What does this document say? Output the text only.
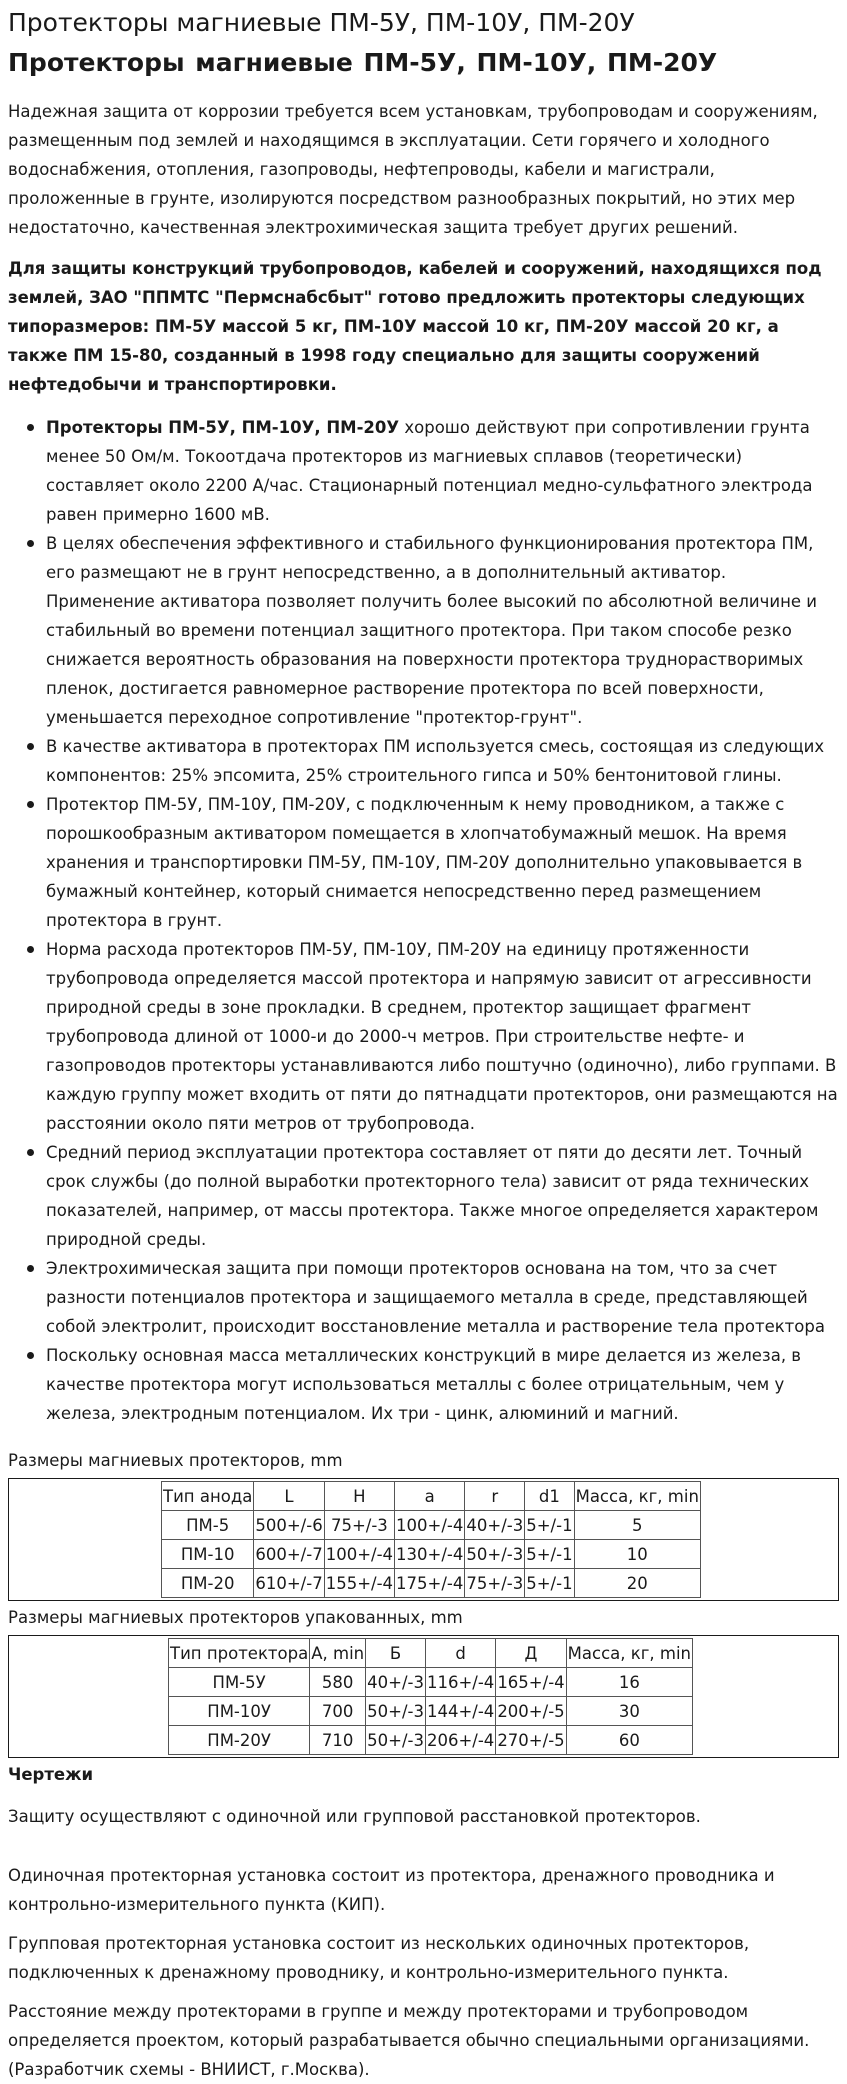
Протекторы магниевые ПМ-5У, ПМ-10У, ПМ-20У
Протекторы магниевые ПМ-5У, ПМ-10У, ПМ-20У

Надежная защита от коррозии требуется всем установкам, трубопроводам и сооружениям, размещенным под землей и находящимся в эксплуатации. Сети горячего и холодного водоснабжения, отопления, газопроводы, нефтепроводы, кабели и магистрали, проложенные в грунте, изолируются посредством разнообразных покрытий, но этих мер недостаточно, качественная электрохимическая защита требует других решений.

Для защиты конструкций трубопроводов, кабелей и сооружений, находящихся под землей, ЗАО "ППМТС "Пермснабсбыт" готово предложить протекторы следующих типоразмеров: ПМ-5У массой 5 кг, ПМ-10У массой 10 кг, ПМ-20У массой 20 кг, а также ПМ 15-80, созданный в 1998 году специально для защиты сооружений нефтедобычи и транспортировки.

Протекторы ПМ-5У, ПМ-10У, ПМ-20У хорошо действуют при сопротивлении грунта менее 50 Ом/м. Токоотдача протекторов из магниевых сплавов (теоретически) составляет около 2200 А/час. Стационарный потенциал медно-сульфатного электрода равен примерно 1600 мВ.
В целях обеспечения эффективного и стабильного функционирования протектора ПМ, его размещают не в грунт непосредственно, а в дополнительный активатор. Применение активатора позволяет получить более высокий по абсолютной величине и стабильный во времени потенциал защитного протектора. При таком способе резко снижается вероятность образования на поверхности протектора труднорастворимых пленок, достигается равномерное растворение протектора по всей поверхности, уменьшается переходное сопротивление "протектор-грунт".
В качестве активатора в протекторах ПМ используется смесь, состоящая из следующих компонентов: 25% эпсомита, 25% строительного гипса и 50% бентонитовой глины.
Протектор ПМ-5У, ПМ-10У, ПМ-20У, с подключенным к нему проводником, а также с порошкообразным активатором помещается в хлопчатобумажный мешок. На время хранения и транспортировки ПМ-5У, ПМ-10У, ПМ-20У дополнительно упаковывается в бумажный контейнер, который снимается непосредственно перед размещением протектора в грунт.
Норма расхода протекторов ПМ-5У, ПМ-10У, ПМ-20У на единицу протяженности трубопровода определяется массой протектора и напрямую зависит от агрессивности природной среды в зоне прокладки. В среднем, протектор защищает фрагмент трубопровода длиной от 1000-и до 2000-ч метров. При строительстве нефте- и газопроводов протекторы устанавливаются либо поштучно (одиночно), либо группами. В каждую группу может входить от пяти до пятнадцати протекторов, они размещаются на расстоянии около пяти метров от трубопровода.
Средний период эксплуатации протектора составляет от пяти до десяти лет. Точный срок службы (до полной выработки протекторного тела) зависит от ряда технических показателей, например, от массы протектора. Также многое определяется характером природной среды.
Электрохимическая защита при помощи протекторов основана на том, что за счет разности потенциалов протектора и защищаемого металла в среде, представляющей собой электролит, происходит восстановление металла и растворение тела протектора
Поскольку основная масса металлических конструкций в мире делается из железа, в качестве протектора могут использоваться металлы с более отрицательным, чем у железа, электродным потенциалом. Их три - цинк, алюминий и магний.

Размеры магниевых протекторов, mm

Тип анода	L	H	a	r	d1	Масса, кг, min
ПМ-5	500+/-6	75+/-3	100+/-4	40+/-3	5+/-1	5
ПМ-10	600+/-7	100+/-4	130+/-4	50+/-3	5+/-1	10
ПМ-20	610+/-7	155+/-4	175+/-4	75+/-3	5+/-1	20

Размеры магниевых протекторов упакованных, mm

Тип протектора	A, min	Б	d	Д	Масса, кг, min
ПМ-5У	580	40+/-3	116+/-4	165+/-4	16
ПМ-10У	700	50+/-3	144+/-4	200+/-5	30
ПМ-20У	710	50+/-3	206+/-4	270+/-5	60

Чертежи

Защиту осуществляют с одиночной или групповой расстановкой протекторов.

Одиночная протекторная установка состоит из протектора, дренажного проводника и контрольно-измерительного пункта (КИП).

Групповая протекторная установка состоит из нескольких одиночных протекторов, подключенных к дренажному проводнику, и контрольно-измерительного пункта.

Расстояние между протекторами в группе и между протекторами и трубопроводом определяется проектом, который разрабатывается обычно специальными организациями. (Разработчик схемы - ВНИИСТ, г.Москва).
